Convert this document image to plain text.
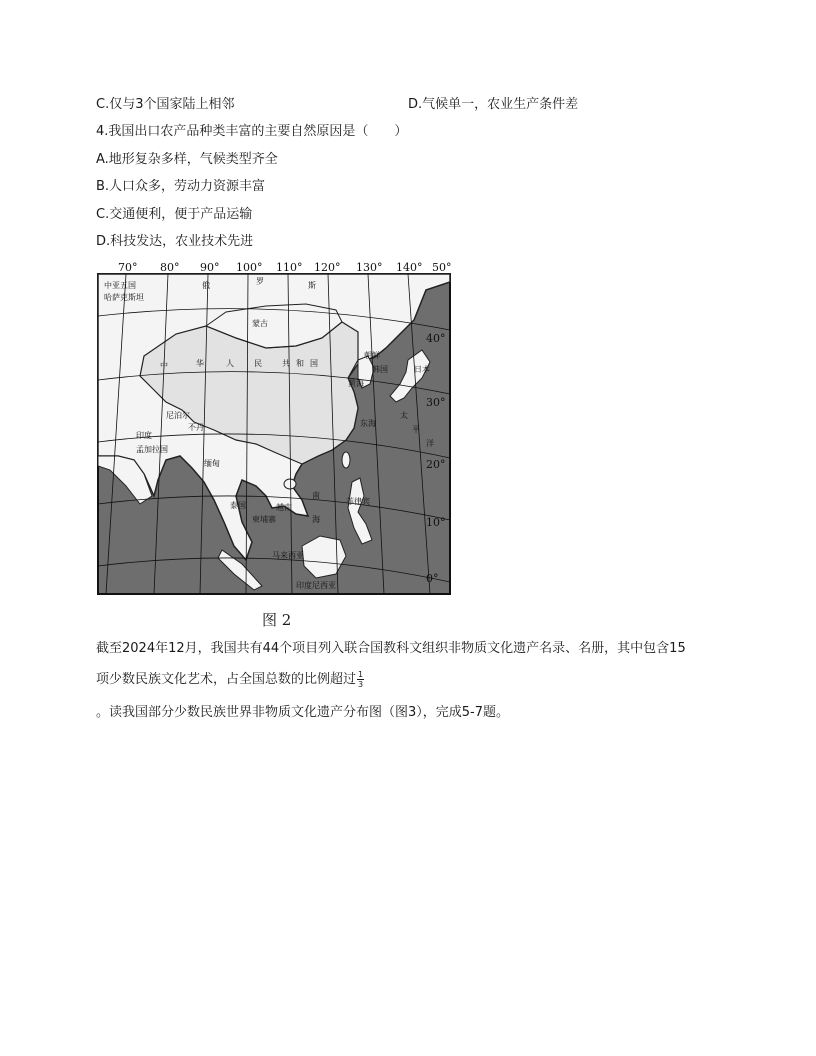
C.仅与3个国家陆上相邻	D.气候单一，农业生产条件差
4.我国出口农产品种类丰富的主要自然原因是（　　）
A.地形复杂多样，气候类型齐全
B.人口众多，劳动力资源丰富
C.交通便利，便于产品运输
D.科技发达，农业技术先进
70° 80° 90° 100° 110° 120° 130° 140° 50°
40°
30°
20°
10°
0°
中亚五国
哈萨克斯坦
俄	罗	斯
蒙古
中	华	人	民	共 和 国
韩国
朝鲜
日本
黄海
东海
太
平
洋
印度
尼泊尔
不丹
孟加拉国
缅甸
泰国
柬埔寨
越南
南
海
菲律宾
马来西亚
印度尼西亚
图 2
截至2024年12月，我国共有44个项目列入联合国教科文组织非物质文化遗产名录、名册，其中包含15
项少数民族文化艺术，占全国总数的比例超过 $\frac{1}{3}$
。读我国部分少数民族世界非物质文化遗产分布图（图3），完成5-7题。
